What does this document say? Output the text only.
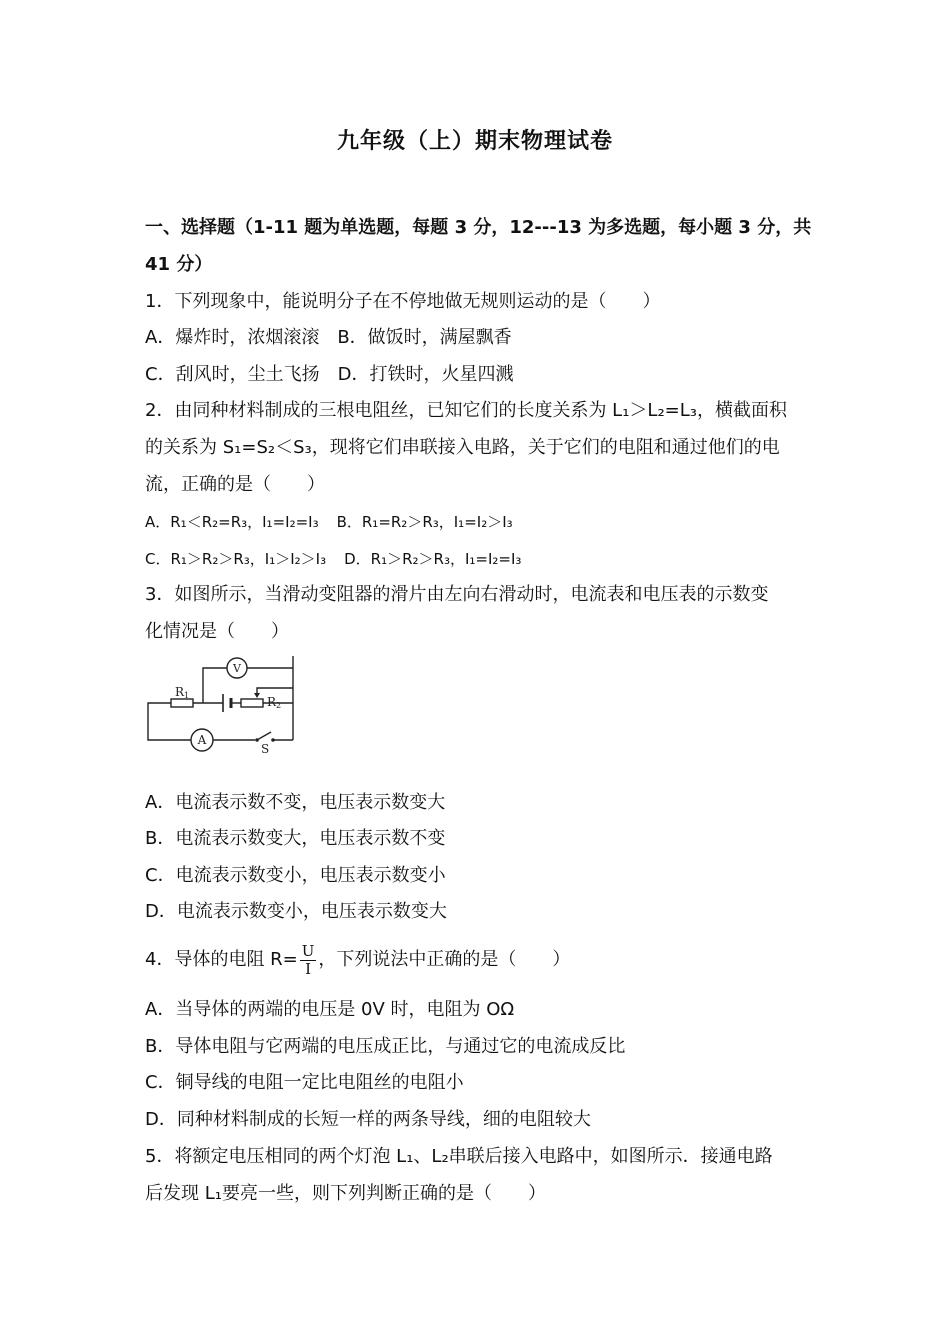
九年级（上）期末物理试卷
一、选择题（1-11 题为单选题，每题 3 分，12---13 为多选题，每小题 3 分，共
41 分）
1．下列现象中，能说明分子在不停地做无规则运动的是（　　）
A．爆炸时，浓烟滚滚 B．做饭时，满屋飘香
C．刮风时，尘土飞扬 D．打铁时，火星四溅
2．由同种材料制成的三根电阻丝，已知它们的长度关系为 L₁＞L₂=L₃，横截面积
的关系为 S₁=S₂＜S₃，现将它们串联接入电路，关于它们的电阻和通过他们的电
流，正确的是（　　）
A．R₁＜R₂=R₃，I₁=I₂=I₃ B．R₁=R₂＞R₃，I₁=I₂＞I₃
C．R₁＞R₂＞R₃，I₁＞I₂＞I₃ D．R₁＞R₂＞R₃，I₁=I₂=I₃
3．如图所示，当滑动变阻器的滑片由左向右滑动时，电流表和电压表的示数变
化情况是（　　）
R1	R2
V
A
S
A．电流表示数不变，电压表示数变大
B．电流表示数变大，电压表示数不变
C．电流表示数变小，电压表示数变小
D．电流表示数变小，电压表示数变大
4．导体的电阻 $R= \frac{U}{I}$ ，下列说法中正确的是（　　）
A．当导体的两端的电压是 0V 时，电阻为 OΩ
B．导体电阻与它两端的电压成正比，与通过它的电流成反比
C．铜导线的电阻一定比电阻丝的电阻小
D．同种材料制成的长短一样的两条导线，细的电阻较大
5．将额定电压相同的两个灯泡 L₁、L₂串联后接入电路中，如图所示．接通电路
后发现 L₁要亮一些，则下列判断正确的是（　　）
